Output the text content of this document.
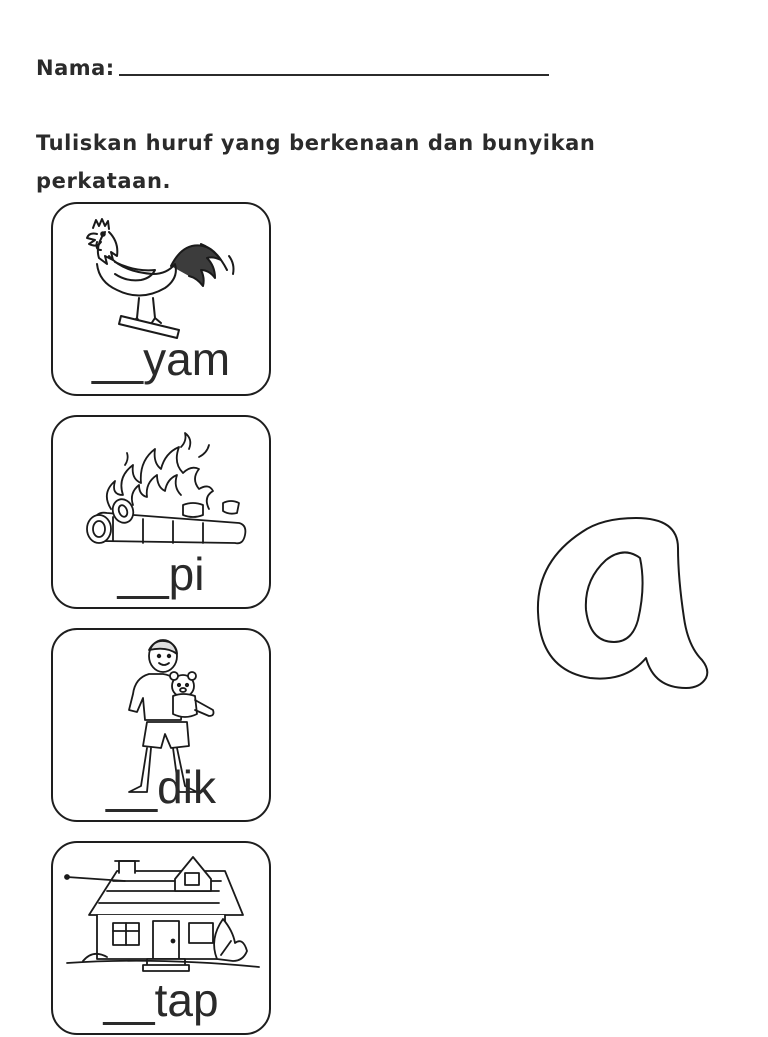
Nama:

Tuliskan huruf yang berkenaan dan bunyikan perkataan.

__yam
__pi
__dik
__tap
